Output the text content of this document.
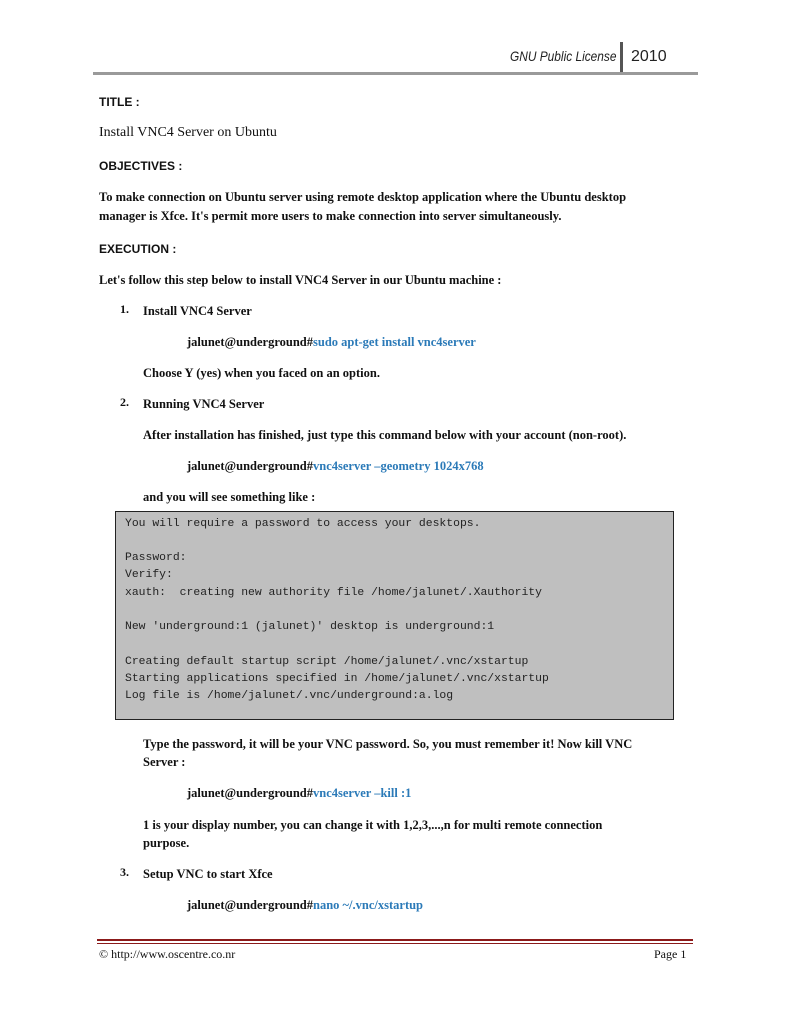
GNU Public License 2010
TITLE :
Install VNC4 Server on Ubuntu
OBJECTIVES :
To make connection on Ubuntu server using remote desktop application where the Ubuntu desktop
manager is Xfce. It's permit more users to make connection into server simultaneously.
EXECUTION :
Let's follow this step below to install VNC4 Server in our Ubuntu machine :
1. Install VNC4 Server
jalunet@underground#sudo apt-get install vnc4server
Choose Y (yes) when you faced on an option.
2. Running VNC4 Server
After installation has finished, just type this command below with your account (non-root).
jalunet@underground#vnc4server –geometry 1024x768
and you will see something like :
You will require a password to access your desktops.
Password:
Verify:
xauth:  creating new authority file /home/jalunet/.Xauthority
New 'underground:1 (jalunet)' desktop is underground:1
Creating default startup script /home/jalunet/.vnc/xstartup
Starting applications specified in /home/jalunet/.vnc/xstartup
Log file is /home/jalunet/.vnc/underground:a.log
Type the password, it will be your VNC password. So, you must remember it! Now kill VNC
Server :
jalunet@underground#vnc4server –kill :1
1 is your display number, you can change it with 1,2,3,...,n for multi remote connection
purpose.
3. Setup VNC to start Xfce
jalunet@underground#nano ~/.vnc/xstartup
© http://www.oscentre.co.nr	Page 1
